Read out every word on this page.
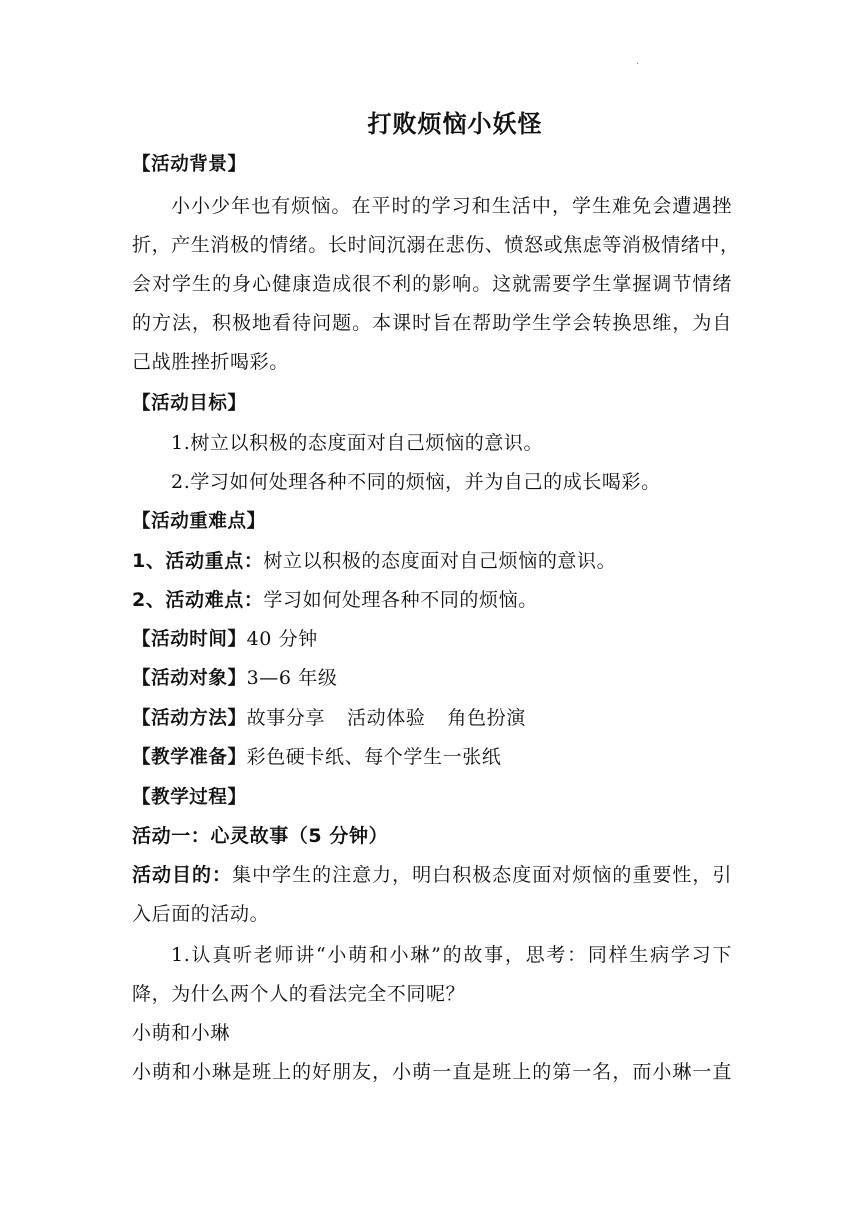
·
打败烦恼小妖怪
【活动背景】
小小少年也有烦恼。在平时的学习和生活中，学生难免会遭遇挫
折，产生消极的情绪。长时间沉溺在悲伤、愤怒或焦虑等消极情绪中，
会对学生的身心健康造成很不利的影响。这就需要学生掌握调节情绪
的方法，积极地看待问题。本课时旨在帮助学生学会转换思维，为自
己战胜挫折喝彩。
【活动目标】
1.树立以积极的态度面对自己烦恼的意识。
2.学习如何处理各种不同的烦恼，并为自己的成长喝彩。
【活动重难点】
1、活动重点：树立以积极的态度面对自己烦恼的意识。
2、活动难点：学习如何处理各种不同的烦恼。
【活动时间】40 分钟
【活动对象】3—6 年级
【活动方法】故事分享 活动体验 角色扮演
【教学准备】彩色硬卡纸、每个学生一张纸
【教学过程】
活动一：心灵故事（5 分钟）
活动目的：集中学生的注意力，明白积极态度面对烦恼的重要性，引
入后面的活动。
1.认真听老师讲“小萌和小琳”的故事，思考：同样生病学习下
降，为什么两个人的看法完全不同呢？
小萌和小琳
小萌和小琳是班上的好朋友，小萌一直是班上的第一名，而小琳一直
